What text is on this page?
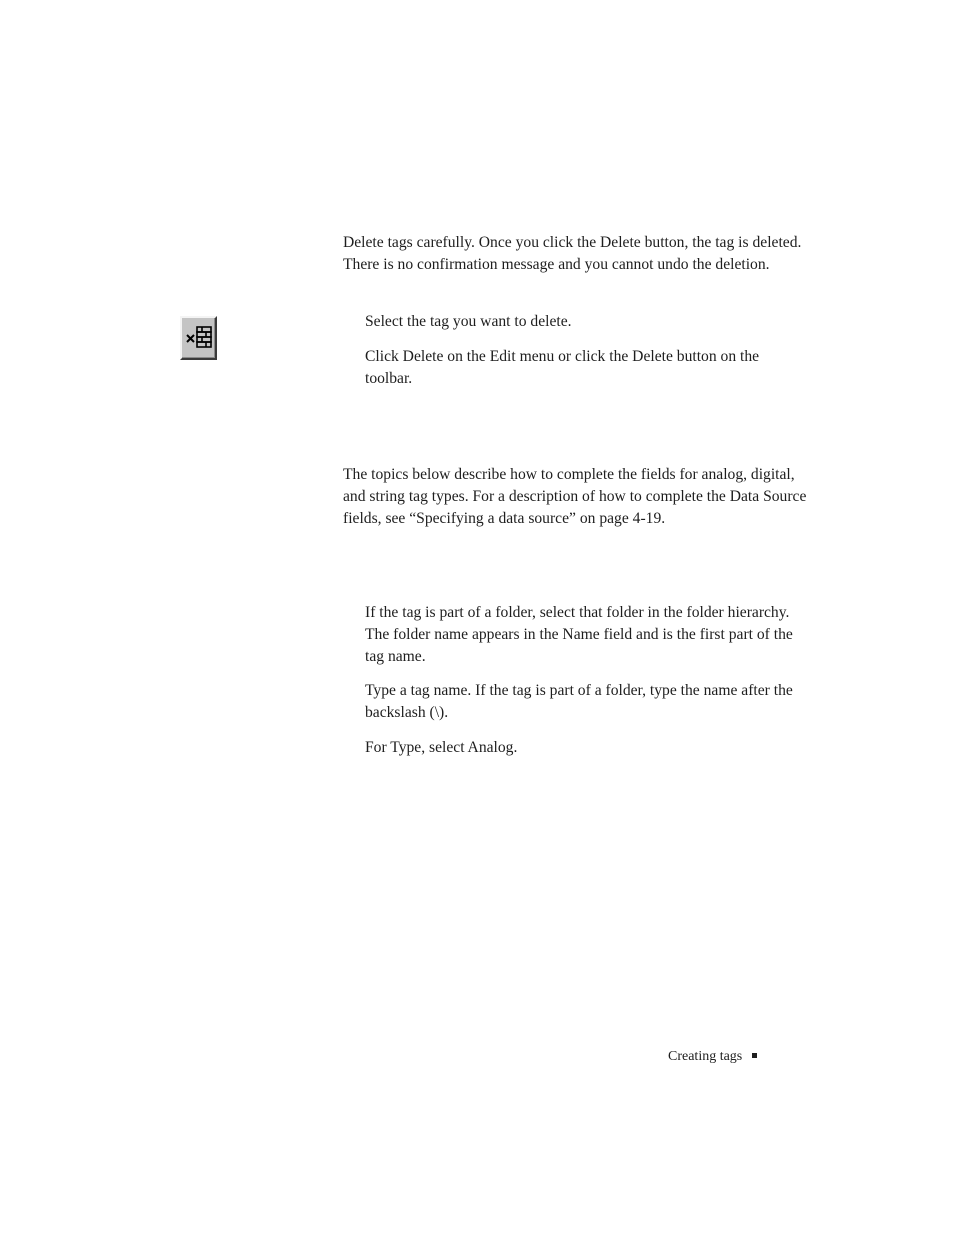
Delete tags carefully. Once you click the Delete button, the tag is deleted. There is no confirmation message and you cannot undo the deletion.

Select the tag you want to delete.

Click Delete on the Edit menu or click the Delete button on the toolbar.

The topics below describe how to complete the fields for analog, digital, and string tag types. For a description of how to complete the Data Source fields, see “Specifying a data source” on page 4-19.

If the tag is part of a folder, select that folder in the folder hierarchy. The folder name appears in the Name field and is the first part of the tag name.

Type a tag name. If the tag is part of a folder, type the name after the backslash (\).

For Type, select Analog.

Creating tags
